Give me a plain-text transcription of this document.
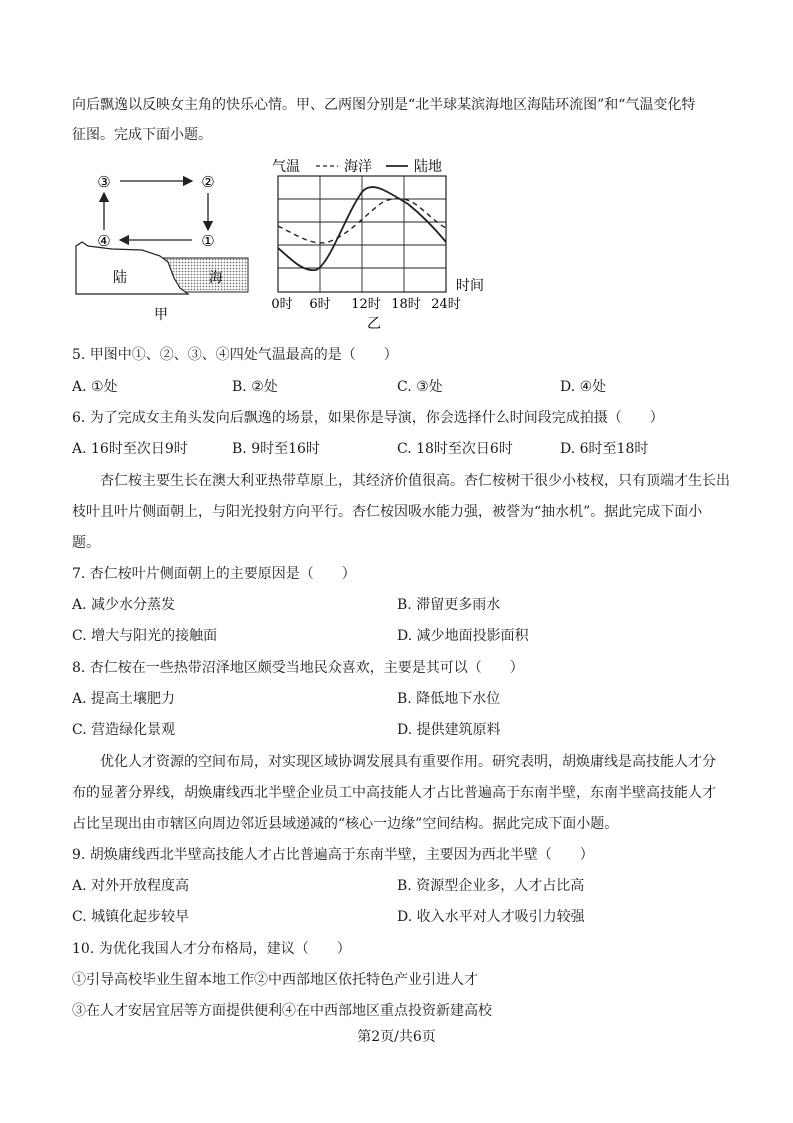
向后飘逸以反映女主角的快乐心情。甲、乙两图分别是“北半球某滨海地区海陆环流图”和“气温变化特
征图。完成下面小题。
③	②
④	①
陆	海
甲
气温	海洋	陆地
时间
0时 6时 12时 18时 24时
乙
5. 甲图中①、②、③、④四处气温最高的是（　　）
A. ①处	B. ②处	C. ③处	D. ④处
6. 为了完成女主角头发向后飘逸的场景，如果你是导演，你会选择什么时间段完成拍摄（　　）
A. 16时至次日9时	B. 9时至16时	C. 18时至次日6时	D. 6时至18时
杏仁桉主要生长在澳大利亚热带草原上，其经济价值很高。杏仁桉树干很少小枝杈，只有顶端才生长出
枝叶且叶片侧面朝上，与阳光投射方向平行。杏仁桉因吸水能力强，被誉为“抽水机”。据此完成下面小
题。
7. 杏仁桉叶片侧面朝上的主要原因是（　　）
A. 减少水分蒸发	B. 滞留更多雨水
C. 增大与阳光的接触面	D. 减少地面投影面积
8. 杏仁桉在一些热带沼泽地区颇受当地民众喜欢，主要是其可以（　　）
A. 提高土壤肥力	B. 降低地下水位
C. 营造绿化景观	D. 提供建筑原料
优化人才资源的空间布局，对实现区域协调发展具有重要作用。研究表明，胡焕庸线是高技能人才分
布的显著分界线，胡焕庸线西北半壁企业员工中高技能人才占比普遍高于东南半壁，东南半壁高技能人才
占比呈现出由市辖区向周边邻近县域递减的“核心一边缘”空间结构。据此完成下面小题。
9. 胡焕庸线西北半壁高技能人才占比普遍高于东南半壁，主要因为西北半壁（　　）
A. 对外开放程度高	B. 资源型企业多，人才占比高
C. 城镇化起步较早	D. 收入水平对人才吸引力较强
10. 为优化我国人才分布格局，建议（　　）
①引导高校毕业生留本地工作②中西部地区依托特色产业引进人才
③在人才安居宜居等方面提供便利④在中西部地区重点投资新建高校
第2页/共6页
